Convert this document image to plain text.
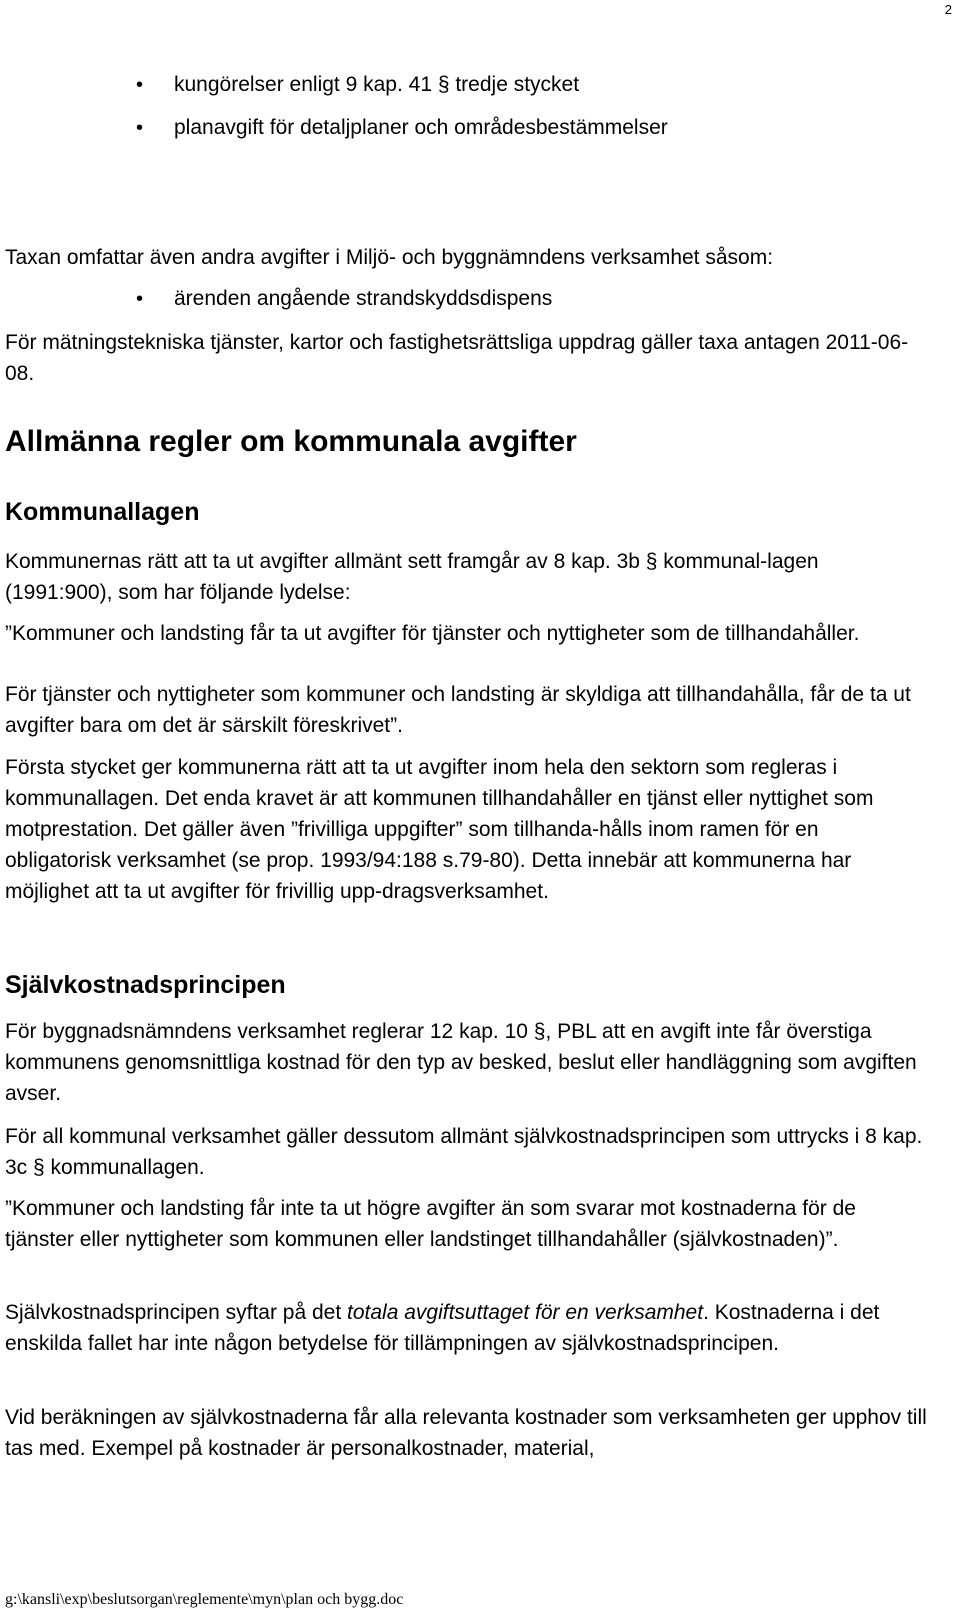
2
• kungörelser enligt 9 kap. 41 § tredje stycket
• planavgift för detaljplaner och områdesbestämmelser

Taxan omfattar även andra avgifter i Miljö- och byggnämndens verksamhet såsom:

• ärenden angående strandskyddsdispens

För mätningstekniska tjänster, kartor och fastighetsrättsliga uppdrag gäller taxa antagen 2011-06-08.

Allmänna regler om kommunala avgifter
Kommunallagen

Kommunernas rätt att ta ut avgifter allmänt sett framgår av 8 kap. 3b § kommunal-lagen (1991:900), som har följande lydelse:

”Kommuner och landsting får ta ut avgifter för tjänster och nyttigheter som de tillhandahåller.

För tjänster och nyttigheter som kommuner och landsting är skyldiga att tillhandahålla, får de ta ut avgifter bara om det är särskilt föreskrivet”.

Första stycket ger kommunerna rätt att ta ut avgifter inom hela den sektorn som regleras i kommunallagen. Det enda kravet är att kommunen tillhandahåller en tjänst eller nyttighet som motprestation. Det gäller även ”frivilliga uppgifter” som tillhanda-hålls inom ramen för en obligatorisk verksamhet (se prop. 1993/94:188 s.79-80). Detta innebär att kommunerna har möjlighet att ta ut avgifter för frivillig upp-dragsverksamhet.

Självkostnadsprincipen

För byggnadsnämndens verksamhet reglerar 12 kap. 10 §, PBL att en avgift inte får överstiga kommunens genomsnittliga kostnad för den typ av besked, beslut eller handläggning som avgiften avser.

För all kommunal verksamhet gäller dessutom allmänt självkostnadsprincipen som uttrycks i 8 kap. 3c § kommunallagen.

”Kommuner och landsting får inte ta ut högre avgifter än som svarar mot kostnaderna för de tjänster eller nyttigheter som kommunen eller landstinget tillhandahåller (självkostnaden)”.

Självkostnadsprincipen syftar på det totala avgiftsuttaget för en verksamhet. Kostnaderna i det enskilda fallet har inte någon betydelse för tillämpningen av självkostnadsprincipen.

Vid beräkningen av självkostnaderna får alla relevanta kostnader som verksamheten ger upphov till tas med. Exempel på kostnader är personalkostnader, material,

g:\kansli\exp\beslutsorgan\reglemente\myn\plan och bygg.doc
